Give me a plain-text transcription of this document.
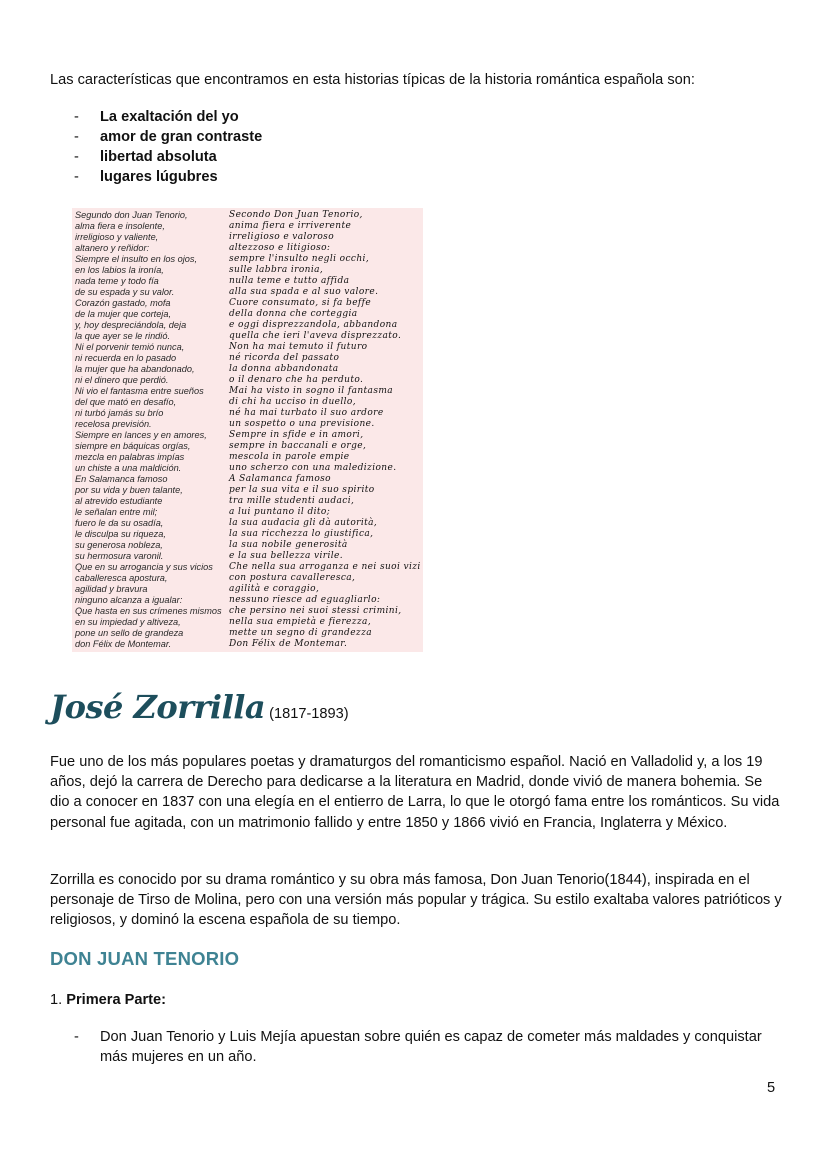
Las características que encontramos en esta historias típicas de la historia romántica española son:

- La exaltación del yo
- amor de gran contraste
- libertad absoluta
- lugares lúgubres
Segundo don Juan Tenorio,
alma fiera e insolente,
irreligioso y valiente,
altanero y reñidor:
Siempre el insulto en los ojos,
en los labios la ironía,
nada teme y todo fía
de su espada y su valor.
Corazón gastado, mofa
de la mujer que corteja,
y, hoy despreciándola, deja
la que ayer se le rindió.
Ni el porvenir temió nunca,
ni recuerda en lo pasado
la mujer que ha abandonado,
ni el dinero que perdió.
Ni vio el fantasma entre sueños
del que mató en desafío,
ni turbó jamás su brío
recelosa previsión.
Siempre en lances y en amores,
siempre en báquicas orgías,
mezcla en palabras impías
un chiste a una maldición.
En Salamanca famoso
por su vida y buen talante,
al atrevido estudiante
le señalan entre mil;
fuero le da su osadía,
le disculpa su riqueza,
su generosa nobleza,
su hermosura varonil.
Que en su arrogancia y sus vicios
caballeresca apostura,
agilidad y bravura
ninguno alcanza a igualar:
Que hasta en sus crímenes mismos
en su impiedad y altiveza,
pone un sello de grandeza
don Félix de Montemar.
Secondo Don Juan Tenorio,
anima fiera e irriverente
irreligioso e valoroso
altezzoso e litigioso:
sempre l'insulto negli occhi,
sulle labbra ironia,
nulla teme e tutto affida
alla sua spada e al suo valore.
Cuore consumato, si fa beffe
della donna che corteggia
e oggi disprezzandola, abbandona
quella che ieri l'aveva disprezzato.
Non ha mai temuto il futuro
né ricorda del passato
la donna abbandonata
o il denaro che ha perduto.
Mai ha visto in sogno il fantasma
di chi ha ucciso in duello,
né ha mai turbato il suo ardore
un sospetto o una previsione.
Sempre in sfide e in amori,
sempre in baccanali e orge,
mescola in parole empie
uno scherzo con una maledizione.
A Salamanca famoso
per la sua vita e il suo spirito
tra mille studenti audaci,
a lui puntano il dito;
la sua audacia gli dà autorità,
la sua ricchezza lo giustifica,
la sua nobile generosità
e la sua bellezza virile.
Che nella sua arroganza e nei suoi vizi
con postura cavalleresca,
agilità e coraggio,
nessuno riesce ad eguagliarlo:
che persino nei suoi stessi crimini,
nella sua empietà e fierezza,
mette un segno di grandezza
Don Félix de Montemar.
José Zorrilla (1817-1893)

Fue uno de los más populares poetas y dramaturgos del romanticismo español. Nació en Valladolid y, a los 19 años, dejó la carrera de Derecho para dedicarse a la literatura en Madrid, donde vivió de manera bohemia. Se dio a conocer en 1837 con una elegía en el entierro de Larra, lo que le otorgó fama entre los románticos. Su vida personal fue agitada, con un matrimonio fallido y entre 1850 y 1866 vivió en Francia, Inglaterra y México.

Zorrilla es conocido por su drama romántico y su obra más famosa, Don Juan Tenorio(1844), inspirada en el personaje de Tirso de Molina, pero con una versión más popular y trágica. Su estilo exaltaba valores patrióticos y religiosos, y dominó la escena española de su tiempo.

DON JUAN TENORIO

1. Primera Parte:

- Don Juan Tenorio y Luis Mejía apuestan sobre quién es capaz de cometer más maldades y conquistar más mujeres en un año.
5
